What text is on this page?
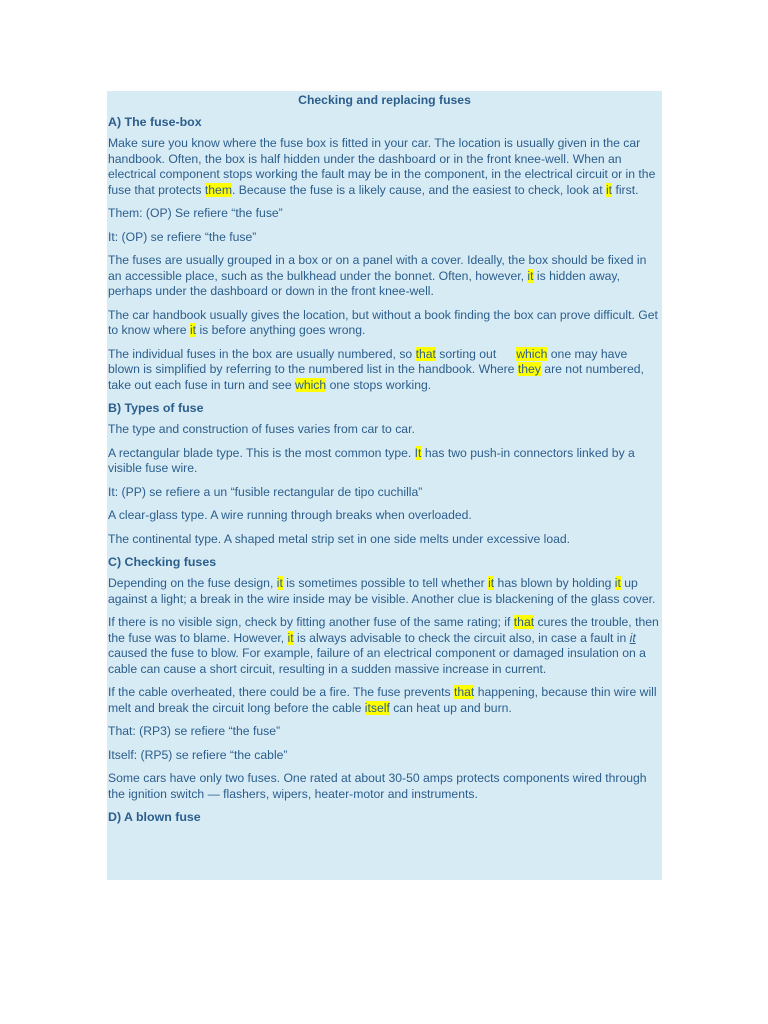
Checking and replacing fuses
A) The fuse-box

Make sure you know where the fuse box is fitted in your car. The location is usually given in the car handbook. Often, the box is half hidden under the dashboard or in the front knee-well. When an electrical component stops working the fault may be in the component, in the electrical circuit or in the fuse that protects them. Because the fuse is a likely cause, and the easiest to check, look at it first.

Them: (OP) Se refiere “the fuse”

It: (OP) se refiere “the fuse”

The fuses are usually grouped in a box or on a panel with a cover. Ideally, the box should be fixed in an accessible place, such as the bulkhead under the bonnet. Often, however, it is hidden away, perhaps under the dashboard or down in the front knee-well.

The car handbook usually gives the location, but without a book finding the box can prove difficult. Get to know where it is before anything goes wrong.

The individual fuses in the box are usually numbered, so that sorting out which one may have blown is simplified by referring to the numbered list in the handbook. Where they are not numbered, take out each fuse in turn and see which one stops working.

B) Types of fuse

The type and construction of fuses varies from car to car.

A rectangular blade type. This is the most common type. It has two push-in connectors linked by a visible fuse wire.

It: (PP) se refiere a un “fusible rectangular de tipo cuchilla”

A clear-glass type. A wire running through breaks when overloaded.

The continental type. A shaped metal strip set in one side melts under excessive load.

C) Checking fuses

Depending on the fuse design, it is sometimes possible to tell whether it has blown by holding it up against a light; a break in the wire inside may be visible. Another clue is blackening of the glass cover.

If there is no visible sign, check by fitting another fuse of the same rating; if that cures the trouble, then the fuse was to blame. However, it is always advisable to check the circuit also, in case a fault in it caused the fuse to blow. For example, failure of an electrical component or damaged insulation on a cable can cause a short circuit, resulting in a sudden massive increase in current.

If the cable overheated, there could be a fire. The fuse prevents that happening, because thin wire will melt and break the circuit long before the cable itself can heat up and burn.

That: (RP3) se refiere “the fuse”

Itself: (RP5) se refiere “the cable”

Some cars have only two fuses. One rated at about 30-50 amps protects components wired through the ignition switch — flashers, wipers, heater-motor and instruments.

D) A blown fuse
